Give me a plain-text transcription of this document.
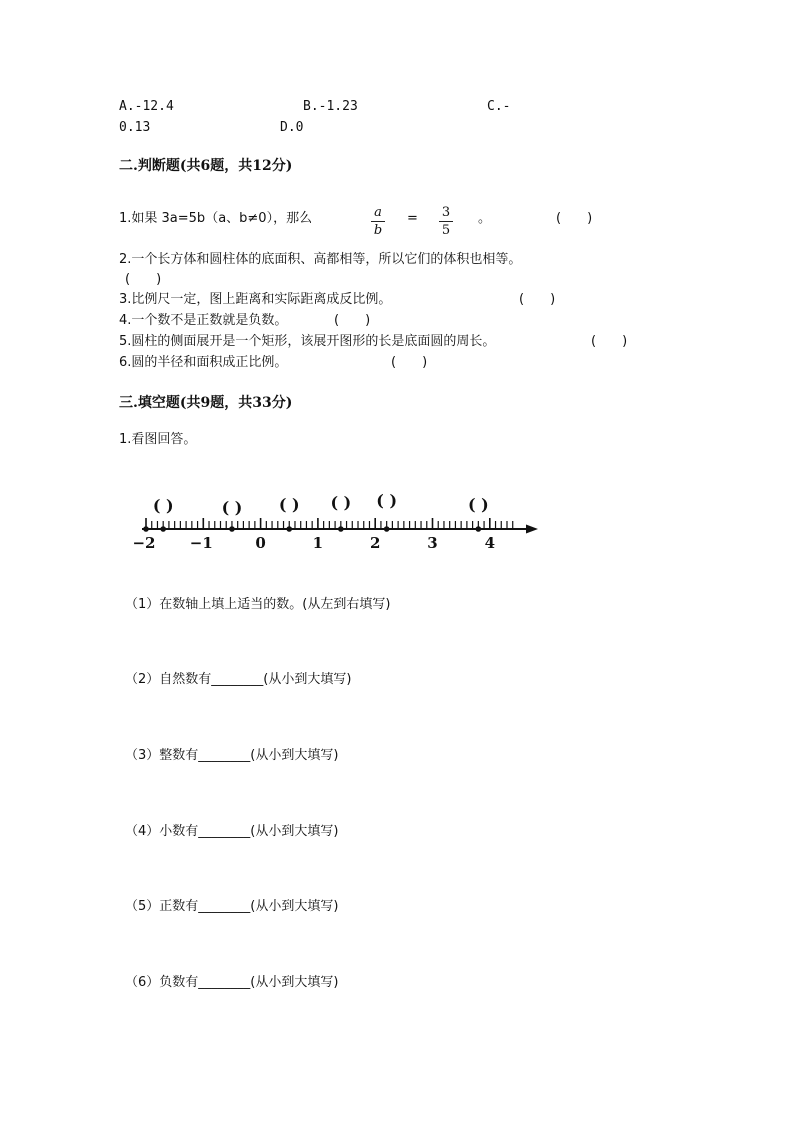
A.-12.4	B.-1.23	C.-
0.13	D.0
二.判断题(共6题，共12分)
1.如果 3a=5b（a、b≠0），那么	a
b
= 3
5
。	(　　)
2.一个长方体和圆柱体的底面积、高都相等，所以它们的体积也相等。
(　　)
3.比例尺一定，图上距离和实际距离成反比例。	(　　)
4.一个数不是正数就是负数。	(　　)
5.圆柱的侧面展开是一个矩形，该展开图形的长是底面圆的周长。	(　　)
6.圆的半径和面积成正比例。	(　　)
三.填空题(共9题，共33分)
1.看图回答。
−2 −1	0	1	2	3	4
( )	( ) ( ) ( ) ( )	( )
（1）在数轴上填上适当的数。(从左到右填写)
（2）自然数有________(从小到大填写)
（3）整数有________(从小到大填写)
（4）小数有________(从小到大填写)
（5）正数有________(从小到大填写)
（6）负数有________(从小到大填写)
